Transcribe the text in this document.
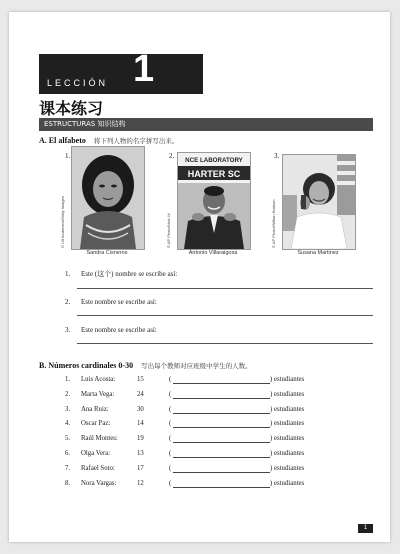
LECCIÓN 1
课本练习
ESTRUCTURAS 知识结构
A. El alfabeto 将下列人物的名字拼写出来。
1.
© Ulf Andersen/Getty Images
Sandra Cisneros
2.
NCE LABORATORY
HARTER SC
© AP Photo/Nick Ut
Antonio Villaraigosa
3.
© AP Photo/Willian Hudson
Susana Martinez
1. Este (这个) nombre se escribe así:
2. Este nombre se escribe así:
3. Este nombre se escribe así:
B. Números cardinales 0-30 写出每个教师对应班级中学生的人数。
1. Luis Acosta:	15	(	) estudiantes
2. Marta Vega:	24	(	) estudiantes
3. Ana Ruiz:	30	(	) estudiantes
4. Oscar Paz:	14	(	) estudiantes
5. Raúl Montes:	19	(	) estudiantes
6. Olga Vera:	13	(	) estudiantes
7. Rafael Soto:	17	(	) estudiantes
8. Nora Vargas:	12	(	) estudiantes
1
